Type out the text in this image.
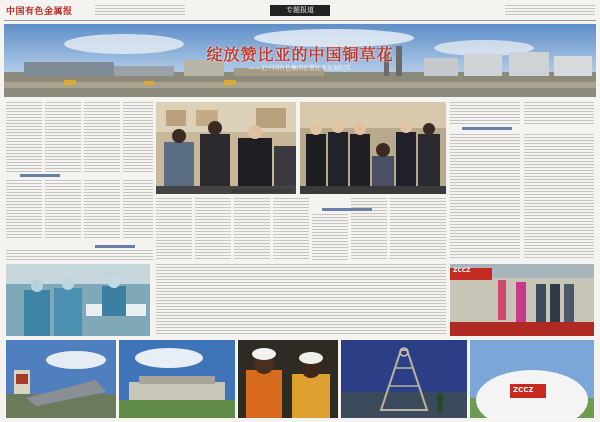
中国有色金属报	专题报道
绽放赞比亚的中国铜草花
——记中国有色集团在赞比亚发展纪实
ZCCZ
ZCCZ
